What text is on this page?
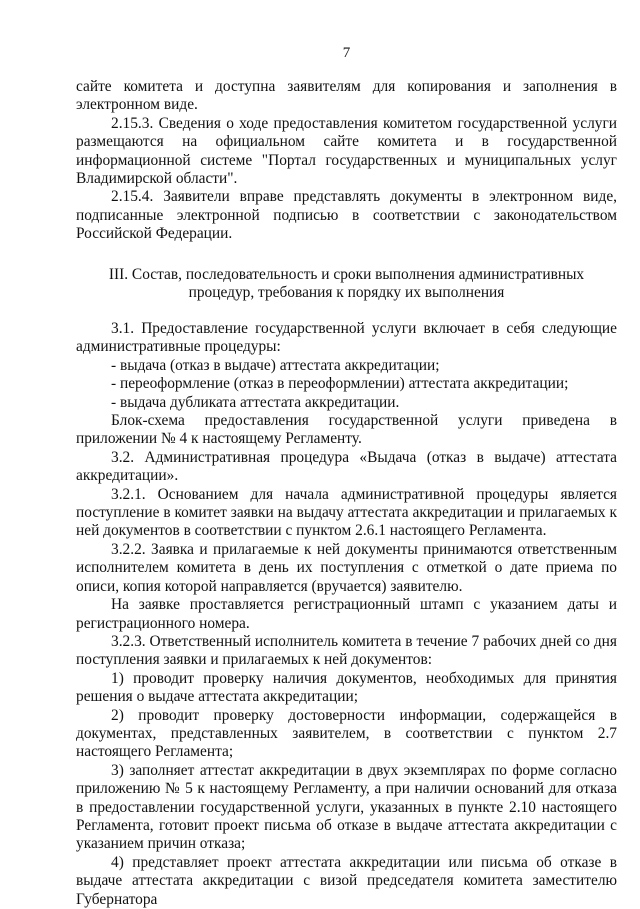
7

сайте комитета и доступна заявителям для копирования и заполнения в электронном виде.

2.15.3. Сведения о ходе предоставления комитетом государственной услуги размещаются на официальном сайте комитета и в государственной информационной системе "Портал государственных и муниципальных услуг Владимирской области".

2.15.4. Заявители вправе представлять документы в электронном виде, подписанные электронной подписью в соответствии с законодательством Российской Федерации.

III. Состав, последовательность и сроки выполнения административных
процедур, требования к порядку их выполнения

3.1. Предоставление государственной услуги включает в себя следующие административные процедуры:

- выдача (отказ в выдаче) аттестата аккредитации;

- переоформление (отказ в переоформлении) аттестата аккредитации;

- выдача дубликата аттестата аккредитации.

Блок-схема предоставления государственной услуги приведена в приложении № 4 к настоящему Регламенту.

3.2. Административная процедура «Выдача (отказ в выдаче) аттестата аккредитации».

3.2.1. Основанием для начала административной процедуры является поступление в комитет заявки на выдачу аттестата аккредитации и прилагаемых к ней документов в соответствии с пунктом 2.6.1 настоящего Регламента.

3.2.2. Заявка и прилагаемые к ней документы принимаются ответственным исполнителем комитета в день их поступления с отметкой о дате приема по описи, копия которой направляется (вручается) заявителю.

На заявке проставляется регистрационный штамп с указанием даты и регистрационного номера.

3.2.3. Ответственный исполнитель комитета в течение 7 рабочих дней со дня поступления заявки и прилагаемых к ней документов:

1) проводит проверку наличия документов, необходимых для принятия решения о выдаче аттестата аккредитации;

2) проводит проверку достоверности информации, содержащейся в документах, представленных заявителем, в соответствии с пунктом 2.7 настоящего Регламента;

3) заполняет аттестат аккредитации в двух экземплярах по форме согласно приложению № 5 к настоящему Регламенту, а при наличии оснований для отказа в предоставлении государственной услуги, указанных в пункте 2.10 настоящего Регламента, готовит проект письма об отказе в выдаче аттестата аккредитации с указанием причин отказа;

4) представляет проект аттестата аккредитации или письма об отказе в выдаче аттестата аккредитации с визой председателя комитета заместителю Губернатора
